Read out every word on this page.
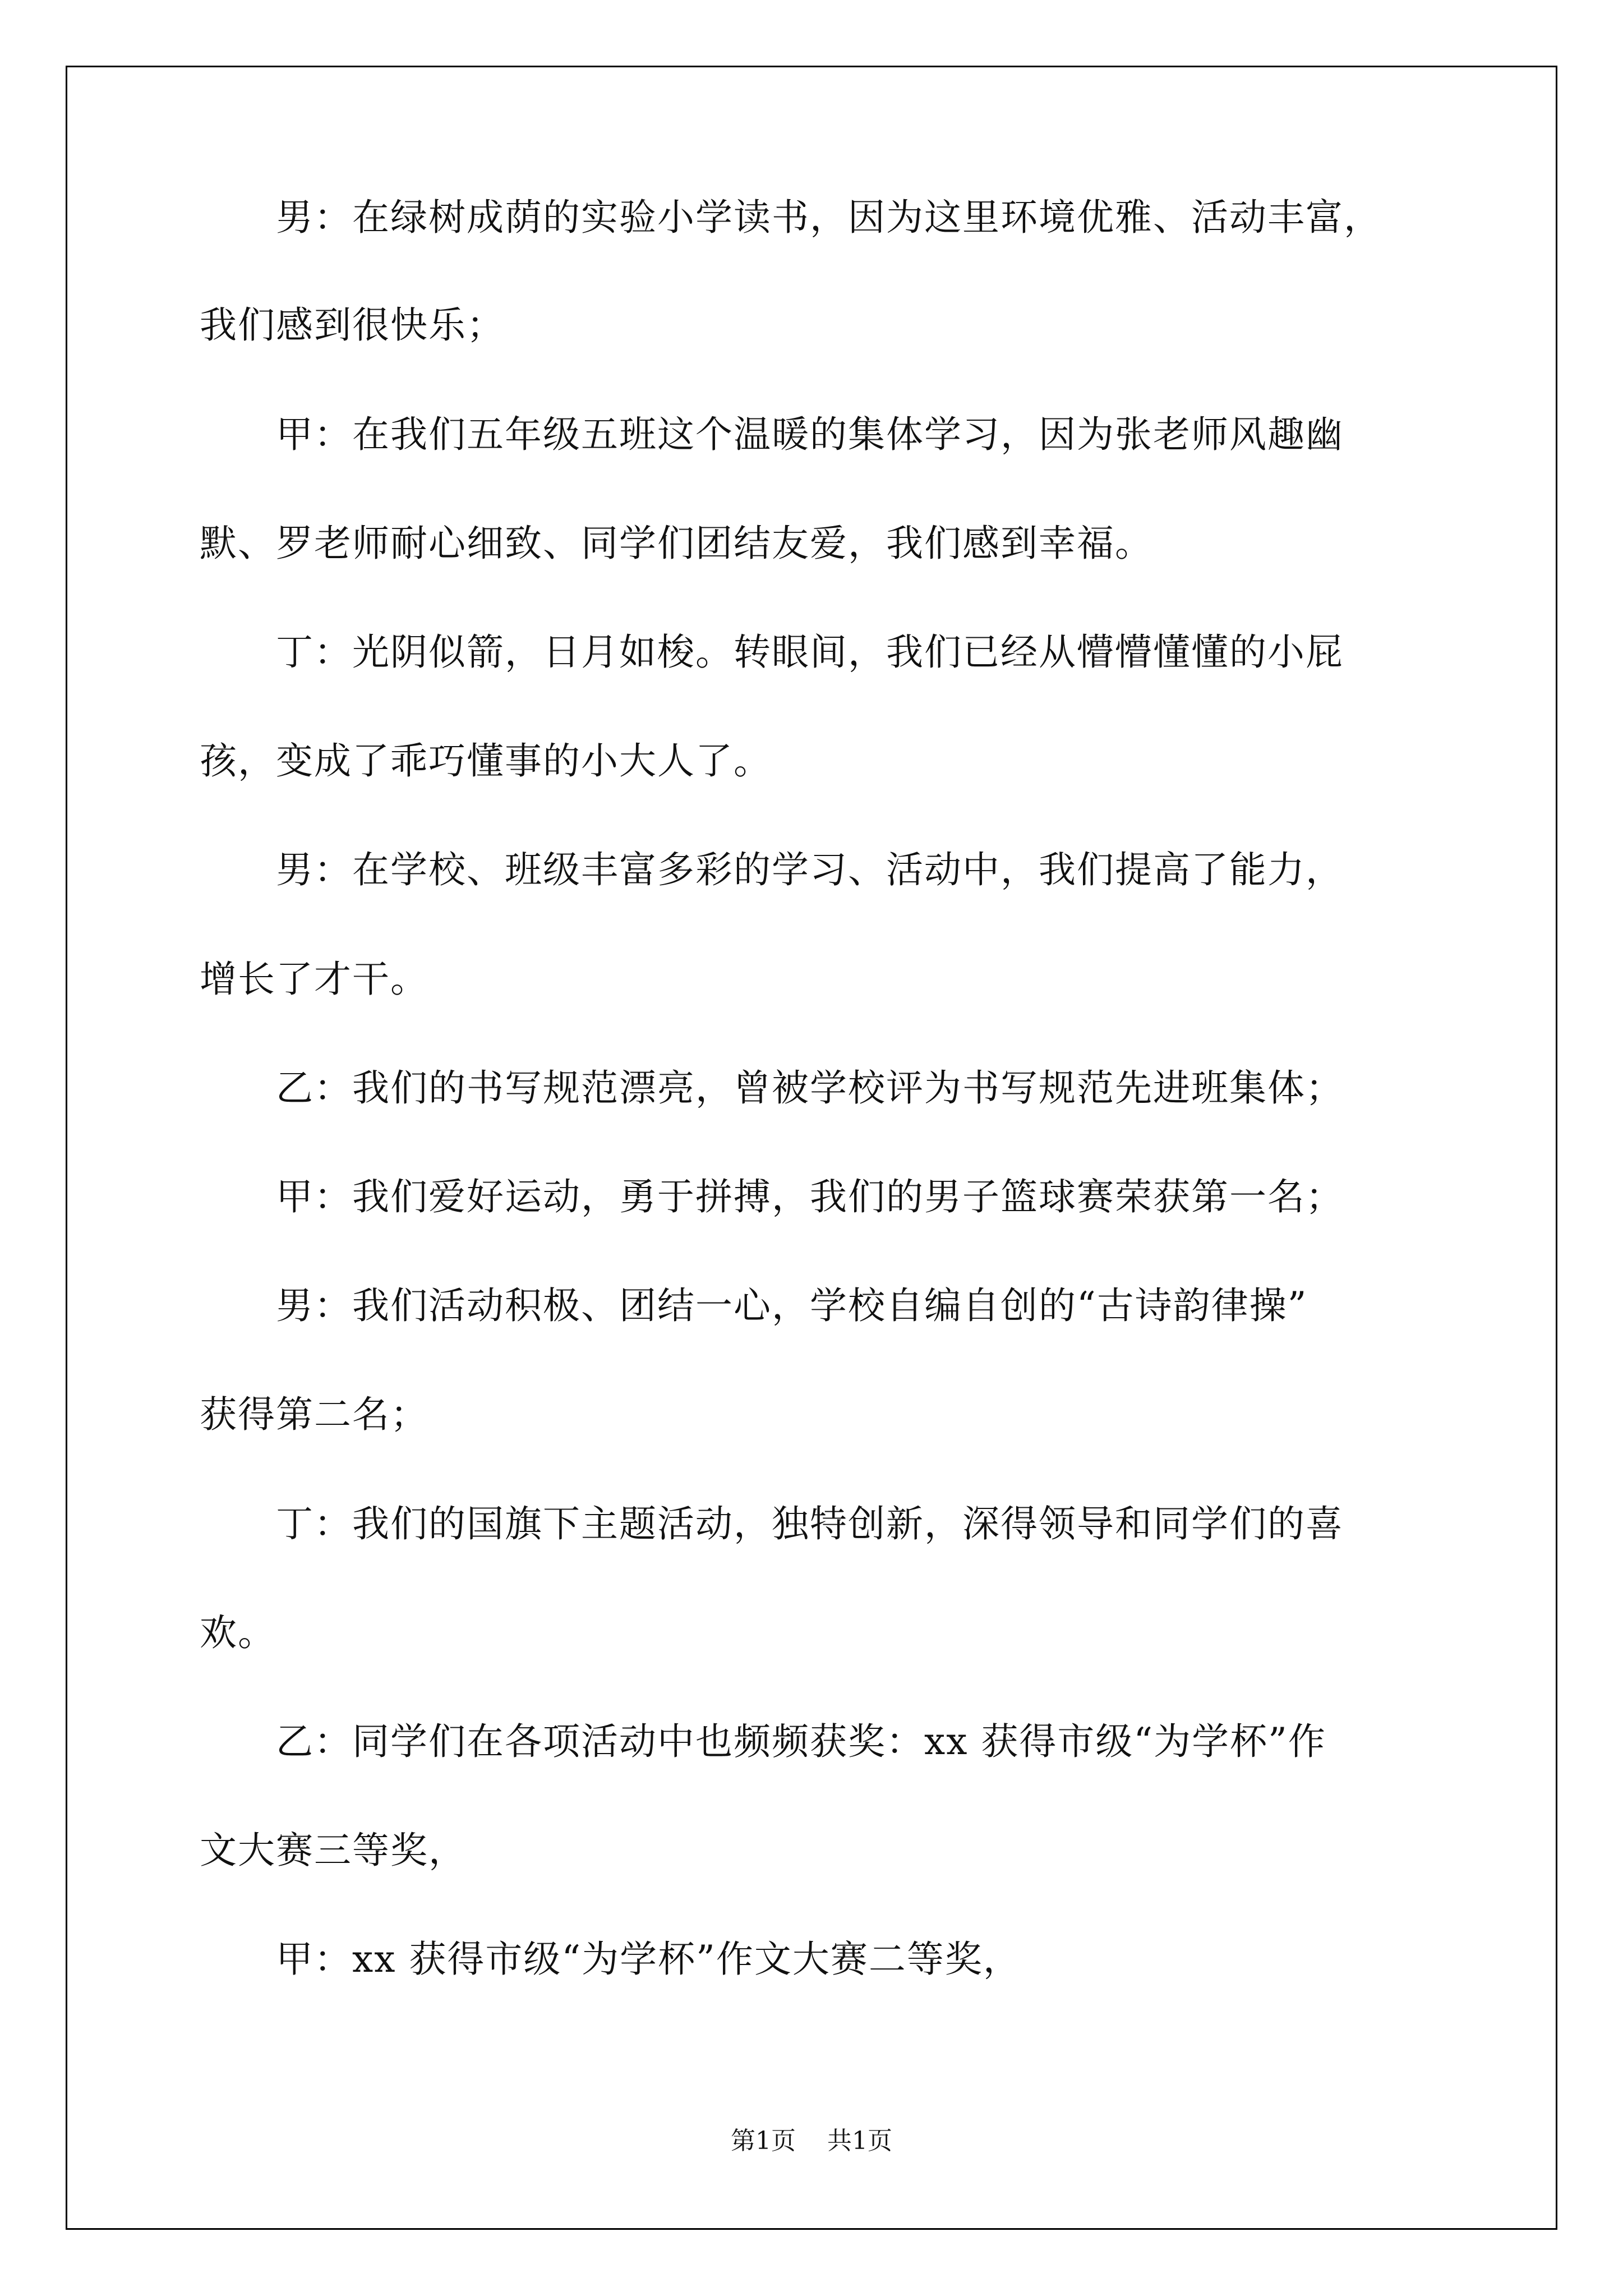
　　男：在绿树成荫的实验小学读书，因为这里环境优雅、活动丰富，
我们感到很快乐；
　　甲：在我们五年级五班这个温暖的集体学习，因为张老师风趣幽
默、罗老师耐心细致、同学们团结友爱，我们感到幸福。
　　丁：光阴似箭，日月如梭。转眼间，我们已经从懵懵懂懂的小屁
孩，变成了乖巧懂事的小大人了。
　　男：在学校、班级丰富多彩的学习、活动中，我们提高了能力，
增长了才干。
　　乙：我们的书写规范漂亮，曾被学校评为书写规范先进班集体；
　　甲：我们爱好运动，勇于拼搏，我们的男子篮球赛荣获第一名；
　　男：我们活动积极、团结一心，学校自编自创的“古诗韵律操”
获得第二名；
　　丁：我们的国旗下主题活动，独特创新，深得领导和同学们的喜
欢。
　　乙：同学们在各项活动中也频频获奖：xx 获得市级“为学杯”作
文大赛三等奖，
　　甲：xx 获得市级“为学杯”作文大赛二等奖，
第1页 共1页
